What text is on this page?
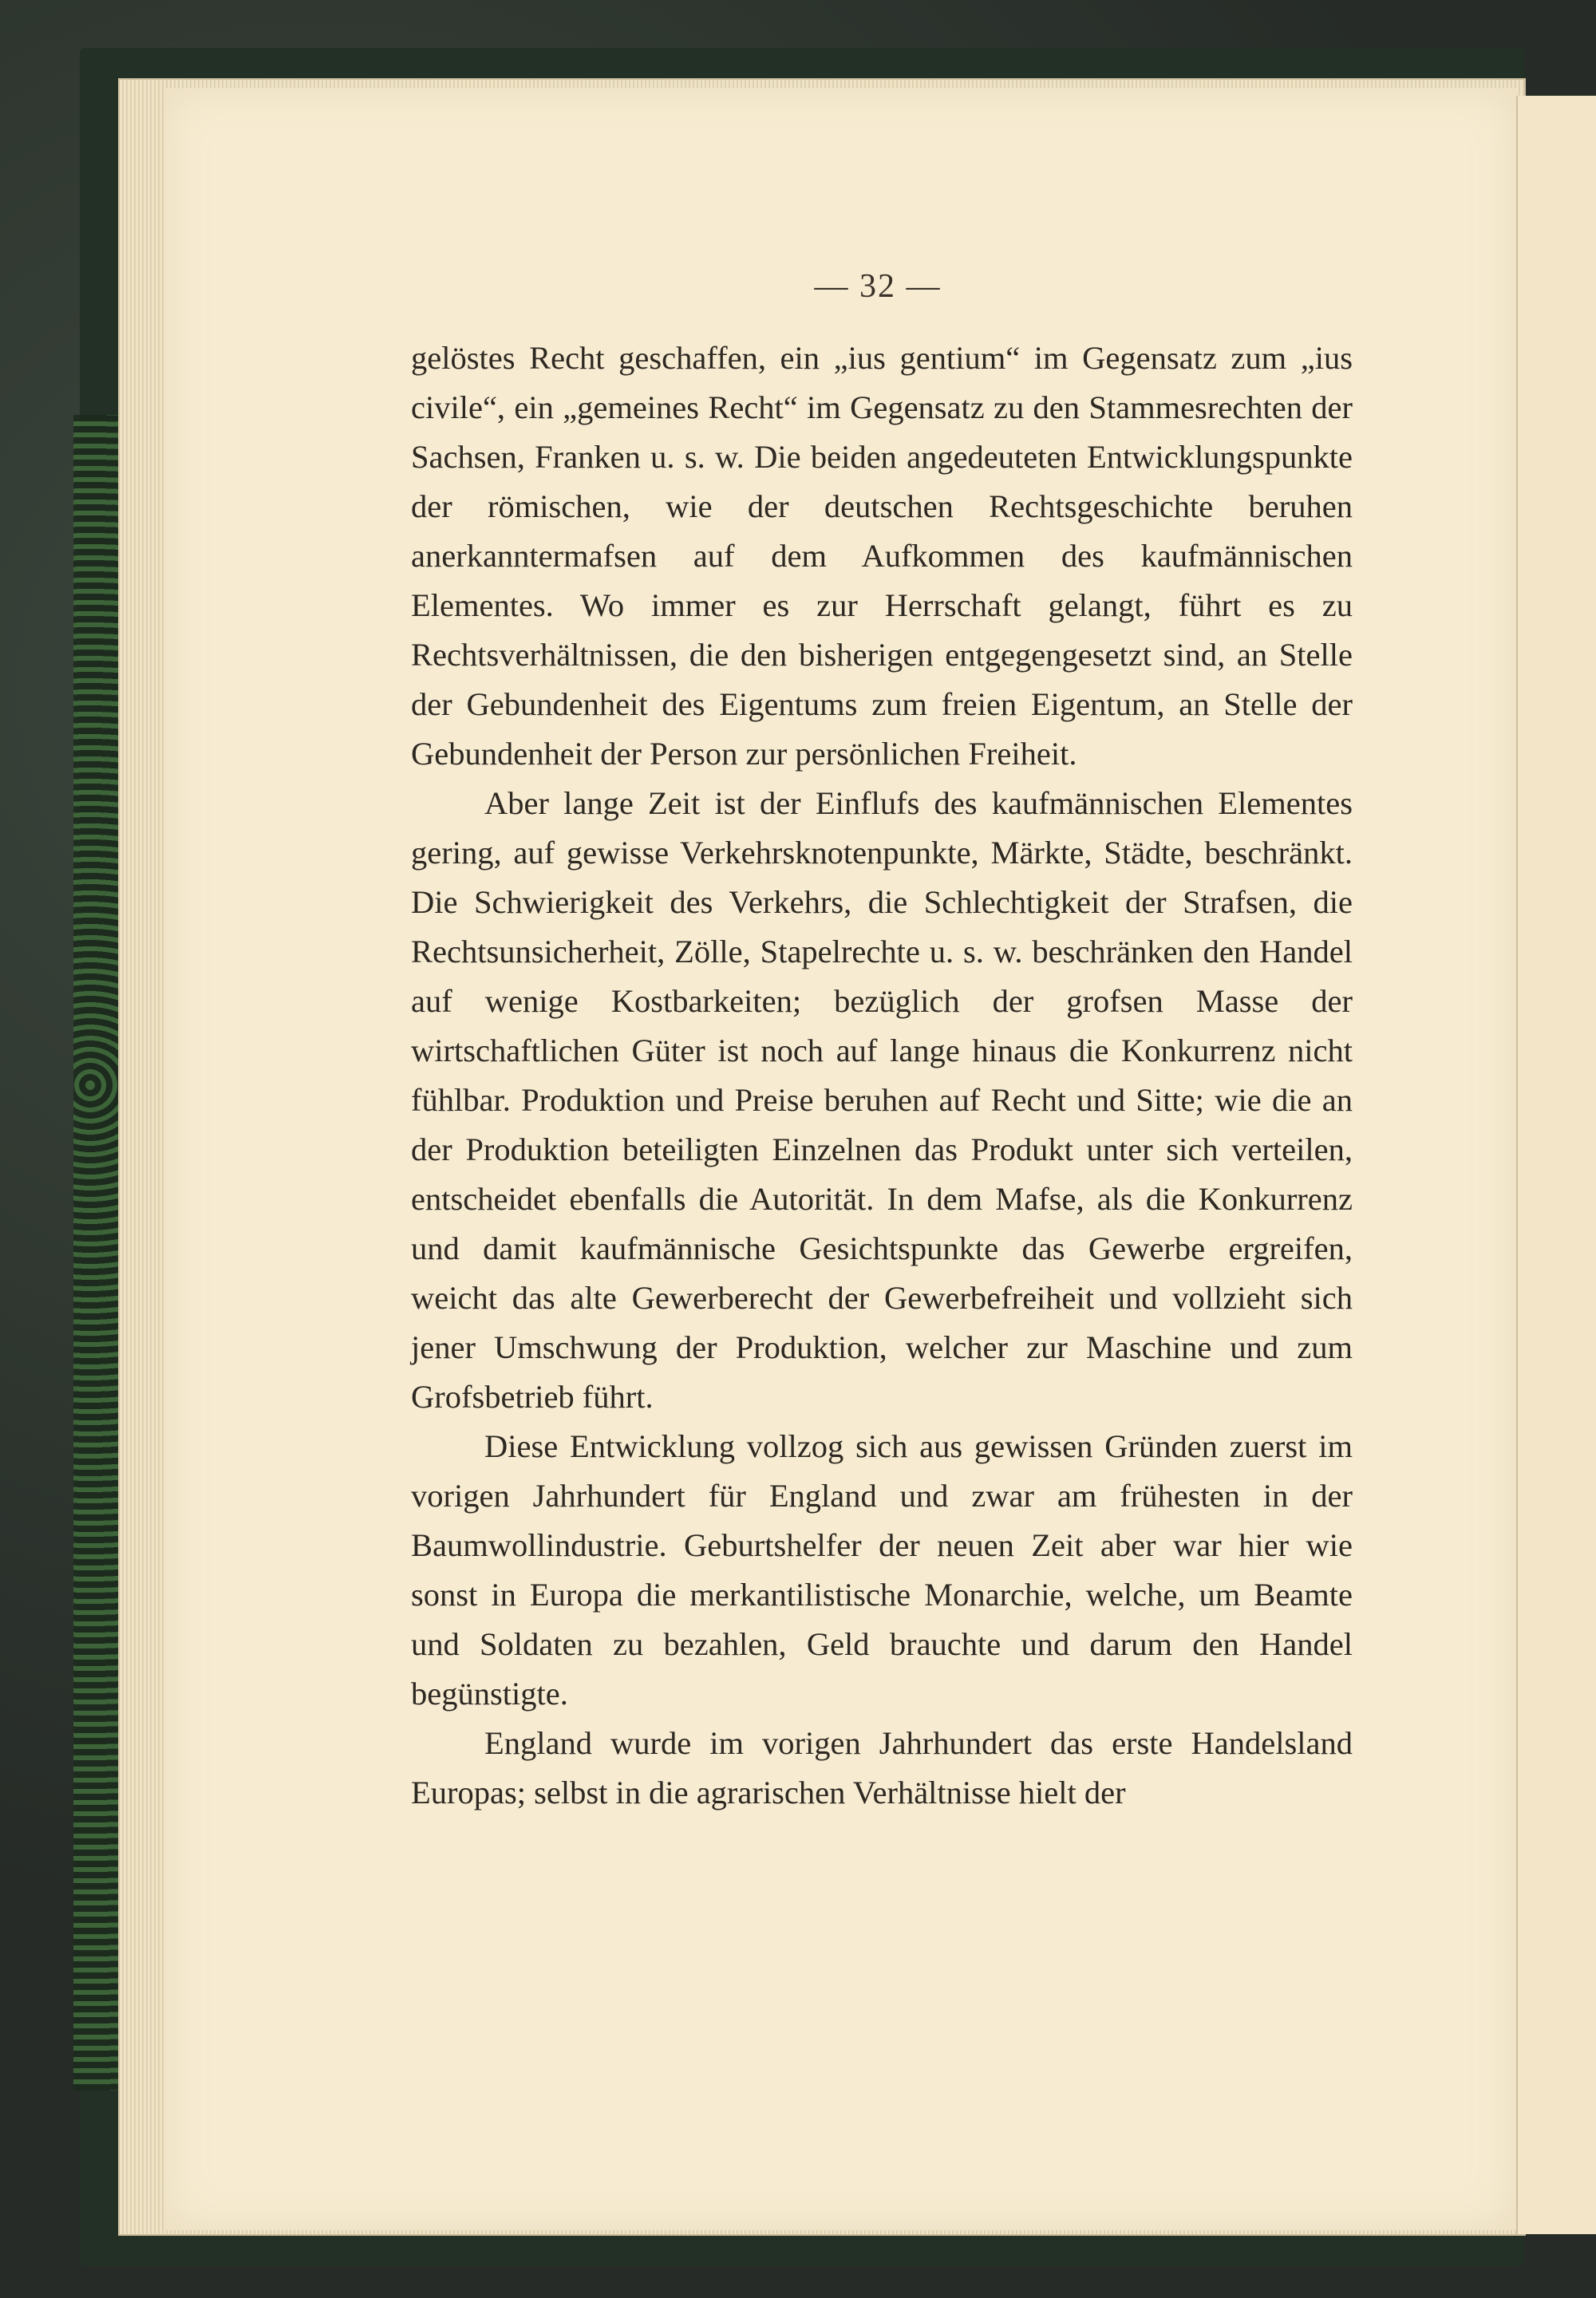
— 32 —

gelöstes Recht geschaffen, ein „ius gentium“ im Gegensatz zum „ius civile“, ein „gemeines Recht“ im Gegensatz zu den Stammesrechten der Sachsen, Franken u. s. w. Die beiden angedeuteten Entwicklungspunkte der römischen, wie der deutschen Rechtsgeschichte beruhen anerkanntermafsen auf dem Aufkommen des kaufmännischen Elementes. Wo immer es zur Herrschaft gelangt, führt es zu Rechtsverhältnissen, die den bisherigen entgegengesetzt sind, an Stelle der Gebundenheit des Eigentums zum freien Eigentum, an Stelle der Gebundenheit der Person zur persönlichen Freiheit.

Aber lange Zeit ist der Einflufs des kaufmännischen Elementes gering, auf gewisse Verkehrsknotenpunkte, Märkte, Städte, beschränkt. Die Schwierigkeit des Verkehrs, die Schlechtigkeit der Strafsen, die Rechtsunsicherheit, Zölle, Stapelrechte u. s. w. beschränken den Handel auf wenige Kostbarkeiten; bezüglich der grofsen Masse der wirtschaftlichen Güter ist noch auf lange hinaus die Konkurrenz nicht fühlbar. Produktion und Preise beruhen auf Recht und Sitte; wie die an der Produktion beteiligten Einzelnen das Produkt unter sich verteilen, entscheidet ebenfalls die Autorität. In dem Mafse, als die Konkurrenz und damit kaufmännische Gesichtspunkte das Gewerbe ergreifen, weicht das alte Gewerberecht der Gewerbefreiheit und vollzieht sich jener Umschwung der Produktion, welcher zur Maschine und zum Grofsbetrieb führt.

Diese Entwicklung vollzog sich aus gewissen Gründen zuerst im vorigen Jahrhundert für England und zwar am frühesten in der Baumwollindustrie. Geburtshelfer der neuen Zeit aber war hier wie sonst in Europa die merkantilistische Monarchie, welche, um Beamte und Soldaten zu bezahlen, Geld brauchte und darum den Handel begünstigte.

England wurde im vorigen Jahrhundert das erste Handelsland Europas; selbst in die agrarischen Verhältnisse hielt der
